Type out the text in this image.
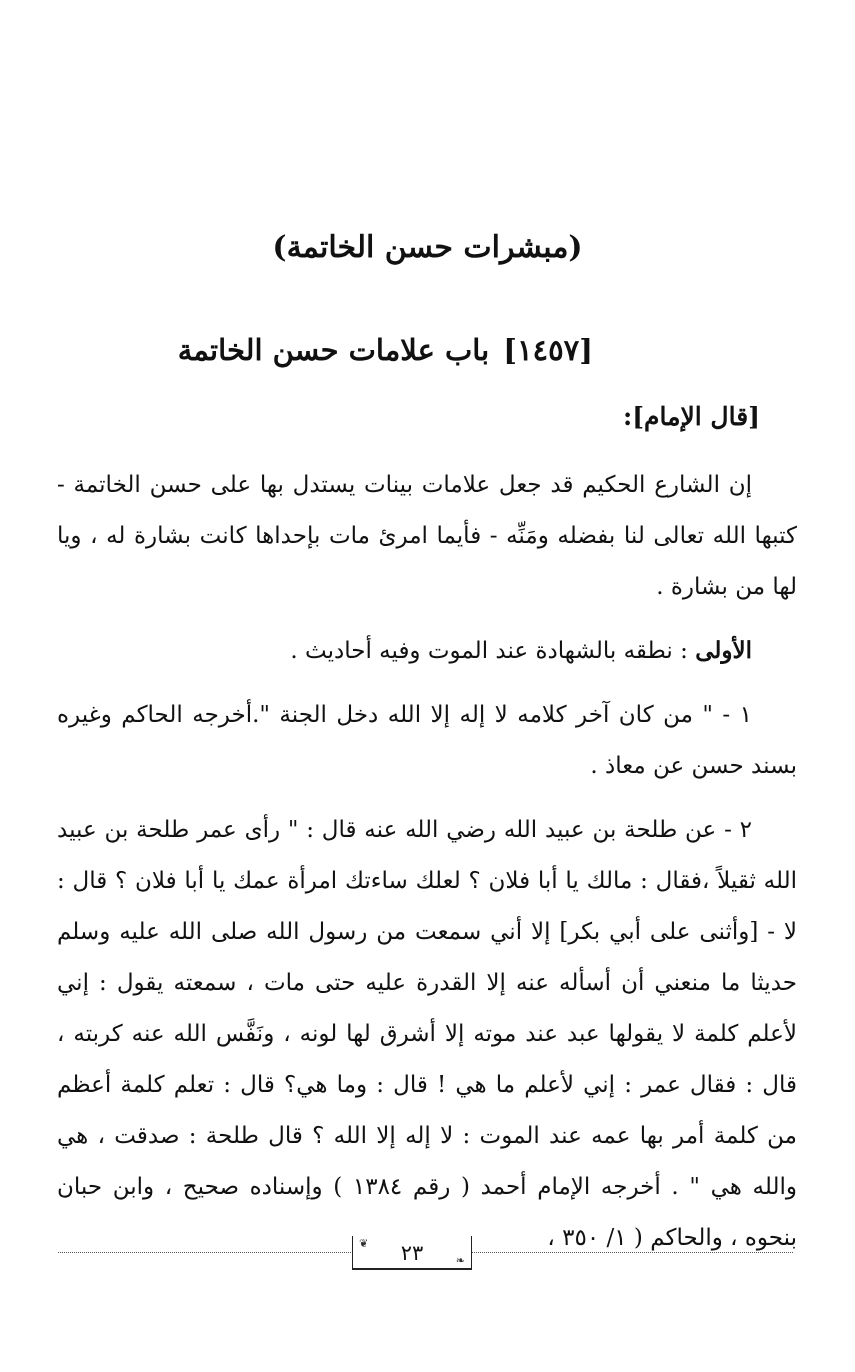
(مبشرات حسن الخاتمة)
[١٤٥٧]باب علامات حسن الخاتمة
[قال الإمام]:
إن الشارع الحكيم قد جعل علامات بينات يستدل بها على حسن الخاتمة - كتبها الله تعالى لنا بفضله ومَنِّه - فأيما امرئ مات بإحداها كانت بشارة له ، ويا لها من بشارة .
الأولى : نطقه بالشهادة عند الموت وفيه أحاديث .
١ - " من كان آخر كلامه لا إله إلا الله دخل الجنة ".أخرجه الحاكم وغيره بسند حسن عن معاذ .
٢ - عن طلحة بن عبيد الله رضي الله عنه قال : " رأى عمر طلحة بن عبيد الله ثقيلاً ،فقال : مالك يا أبا فلان ؟ لعلك ساءتك امرأة عمك يا أبا فلان ؟ قال : لا - [وأثنى على أبي بكر] إلا أني سمعت من رسول الله صلى الله عليه وسلم حديثا ما منعني أن أسأله عنه إلا القدرة عليه حتى مات ، سمعته يقول : إني لأعلم كلمة لا يقولها عبد عند موته إلا أشرق لها لونه ، ونَفَّس الله عنه كربته ، قال : فقال عمر : إني لأعلم ما هي ! قال : وما هي؟ قال : تعلم كلمة أعظم من كلمة أمر بها عمه عند الموت : لا إله إلا الله ؟ قال طلحة : صدقت ، هي والله هي " . أخرجه الإمام أحمد ( رقم ١٣٨٤ ) وإسناده صحيح ، وابن حبان بنحوه ، والحاكم ( ١/ ٣٥٠ ،
❦
❧
٢٣
